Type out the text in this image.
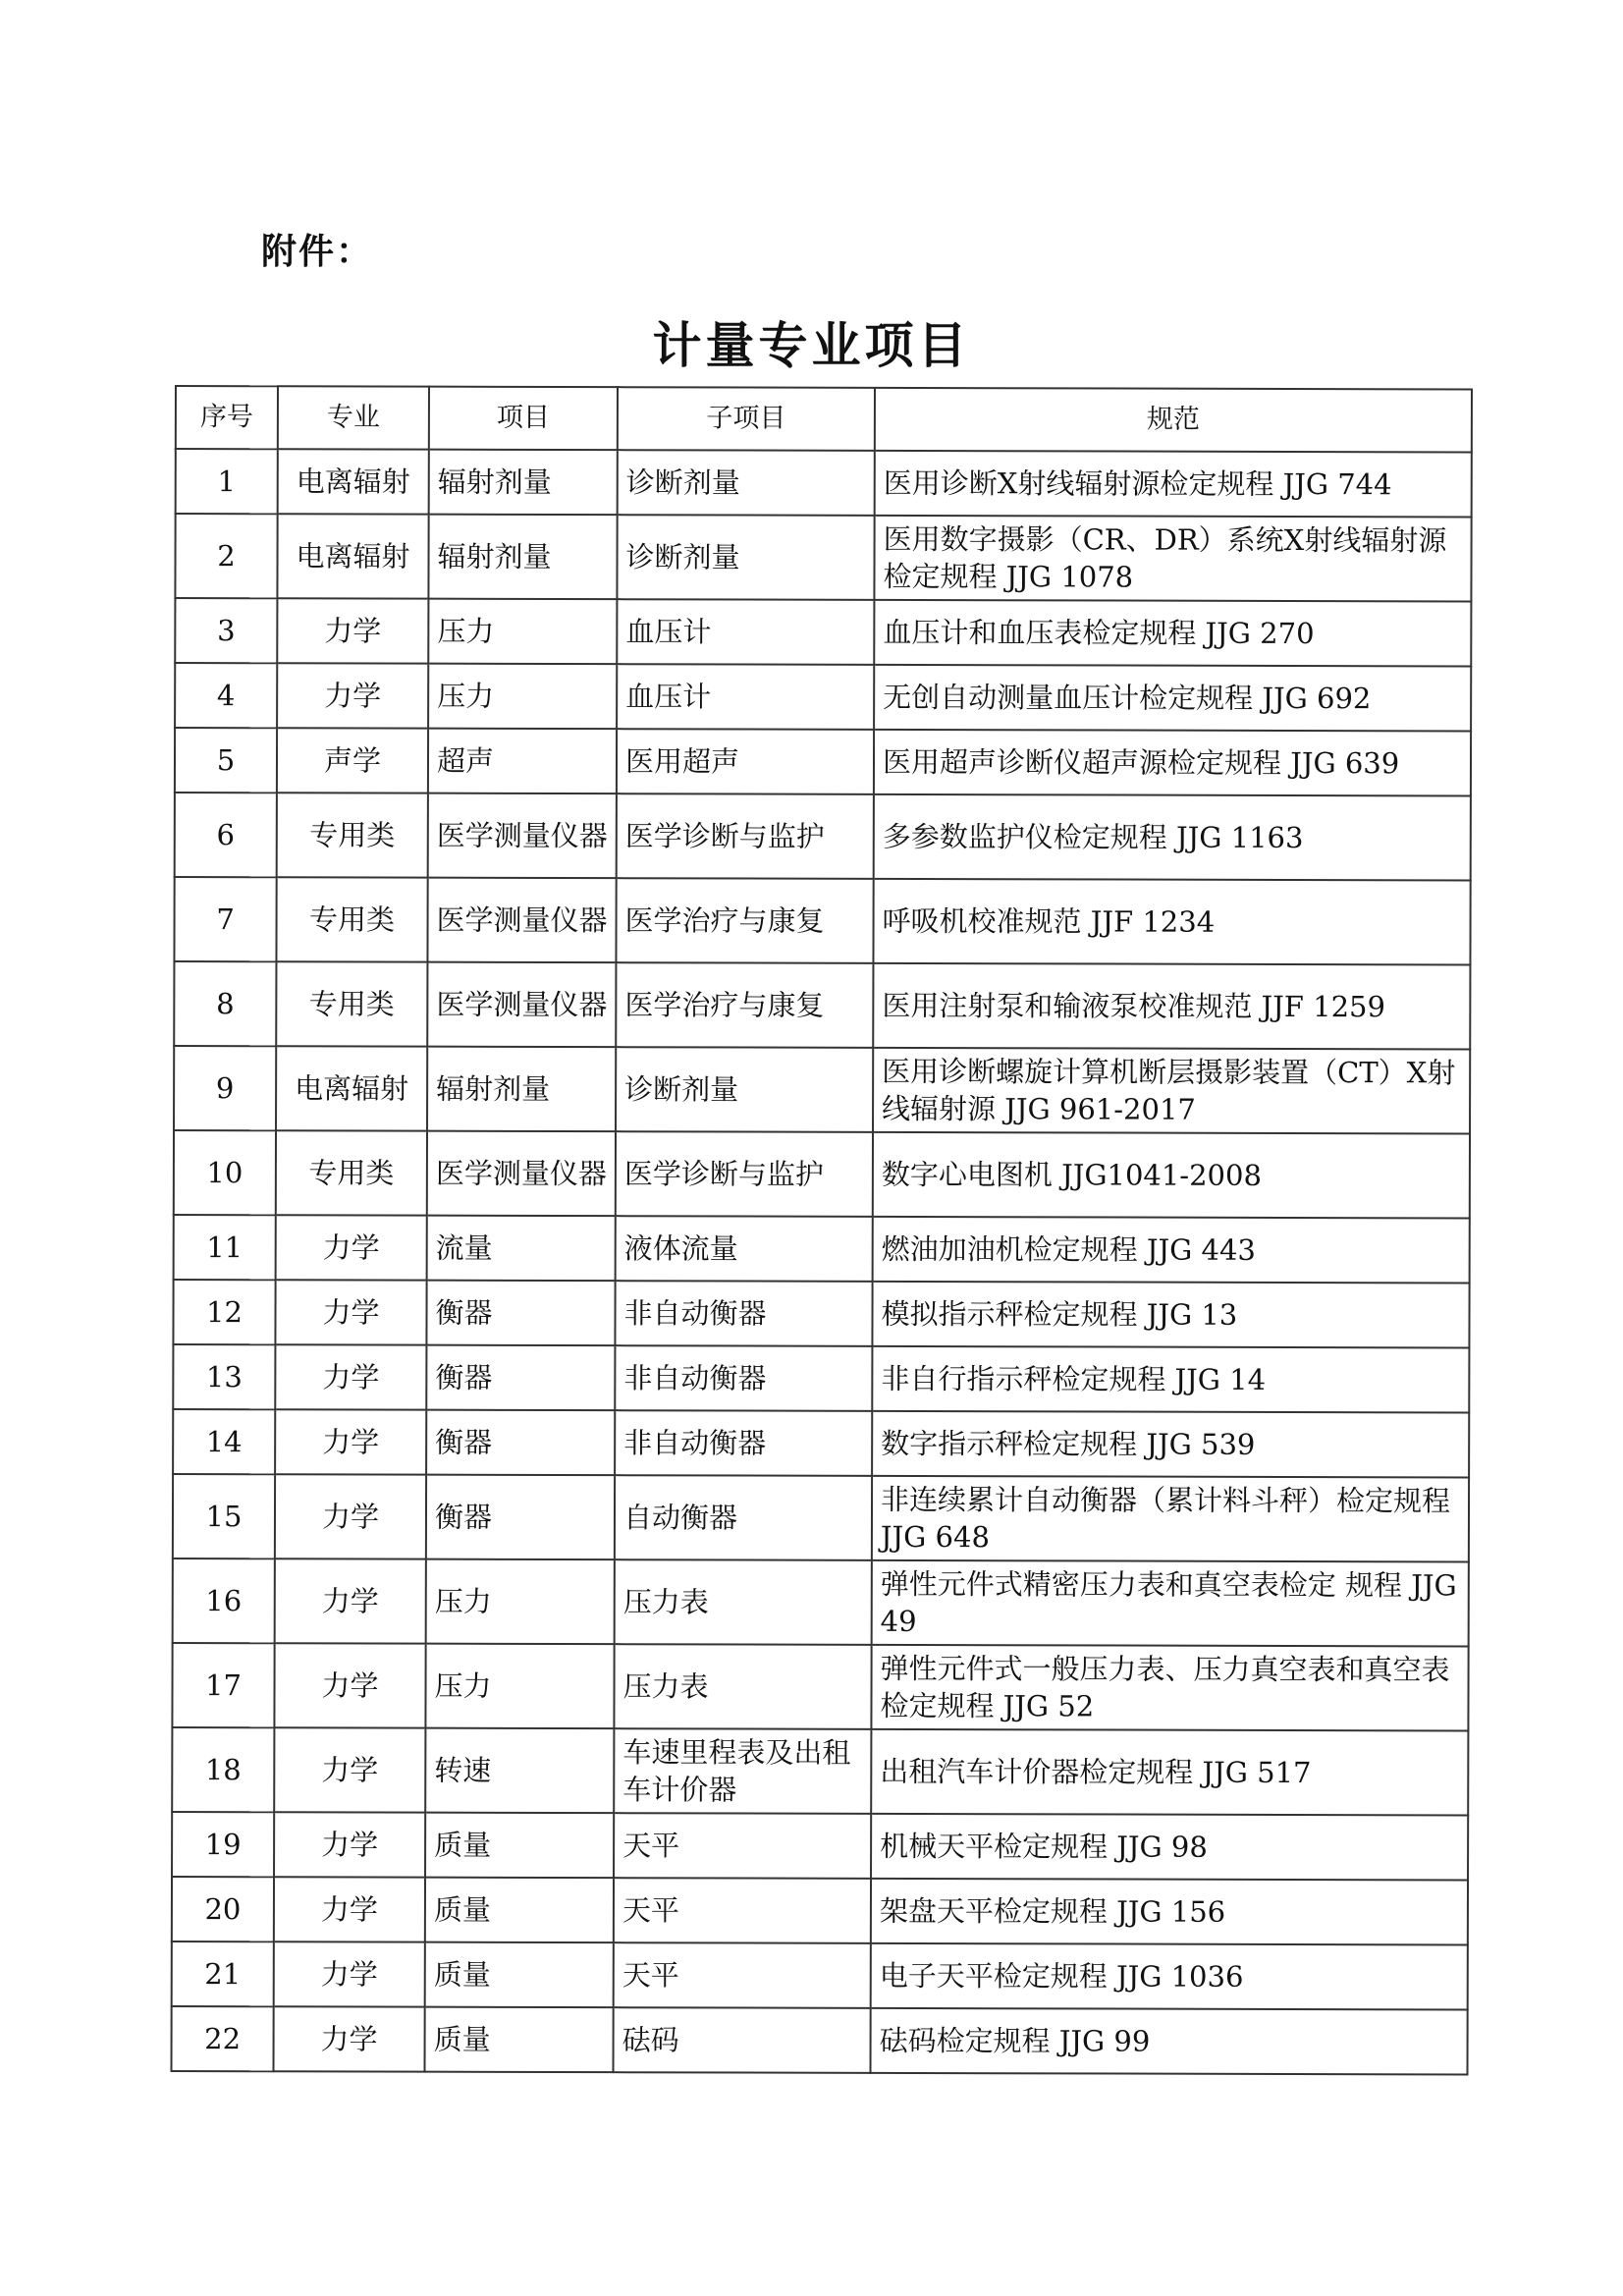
附件：
计量专业项目
序号	专业	项目	子项目	规范
1	电离辐射	辐射剂量	诊断剂量	医用诊断X射线辐射源检定规程 JJG 744
2	电离辐射	辐射剂量	诊断剂量	医用数字摄影（CR、DR）系统X射线辐射源检定规程 JJG 1078
3	力学	压力	血压计	血压计和血压表检定规程 JJG 270
4	力学	压力	血压计	无创自动测量血压计检定规程 JJG 692
5	声学	超声	医用超声	医用超声诊断仪超声源检定规程 JJG 639
6	专用类	医学测量仪器	医学诊断与监护	多参数监护仪检定规程 JJG 1163
7	专用类	医学测量仪器	医学治疗与康复	呼吸机校准规范 JJF 1234
8	专用类	医学测量仪器	医学治疗与康复	医用注射泵和输液泵校准规范 JJF 1259
9	电离辐射	辐射剂量	诊断剂量	医用诊断螺旋计算机断层摄影装置（CT）X射线辐射源 JJG 961-2017
10	专用类	医学测量仪器	医学诊断与监护	数字心电图机 JJG1041-2008
11	力学	流量	液体流量	燃油加油机检定规程 JJG 443
12	力学	衡器	非自动衡器	模拟指示秤检定规程 JJG 13
13	力学	衡器	非自动衡器	非自行指示秤检定规程 JJG 14
14	力学	衡器	非自动衡器	数字指示秤检定规程 JJG 539
15	力学	衡器	自动衡器	非连续累计自动衡器（累计料斗秤）检定规程 JJG 648
16	力学	压力	压力表	弹性元件式精密压力表和真空表检定 规程 JJG 49
17	力学	压力	压力表	弹性元件式一般压力表、压力真空表和真空表检定规程 JJG 52
18	力学	转速	车速里程表及出租车计价器	出租汽车计价器检定规程 JJG 517
19	力学	质量	天平	机械天平检定规程 JJG 98
20	力学	质量	天平	架盘天平检定规程 JJG 156
21	力学	质量	天平	电子天平检定规程 JJG 1036
22	力学	质量	砝码	砝码检定规程 JJG 99
